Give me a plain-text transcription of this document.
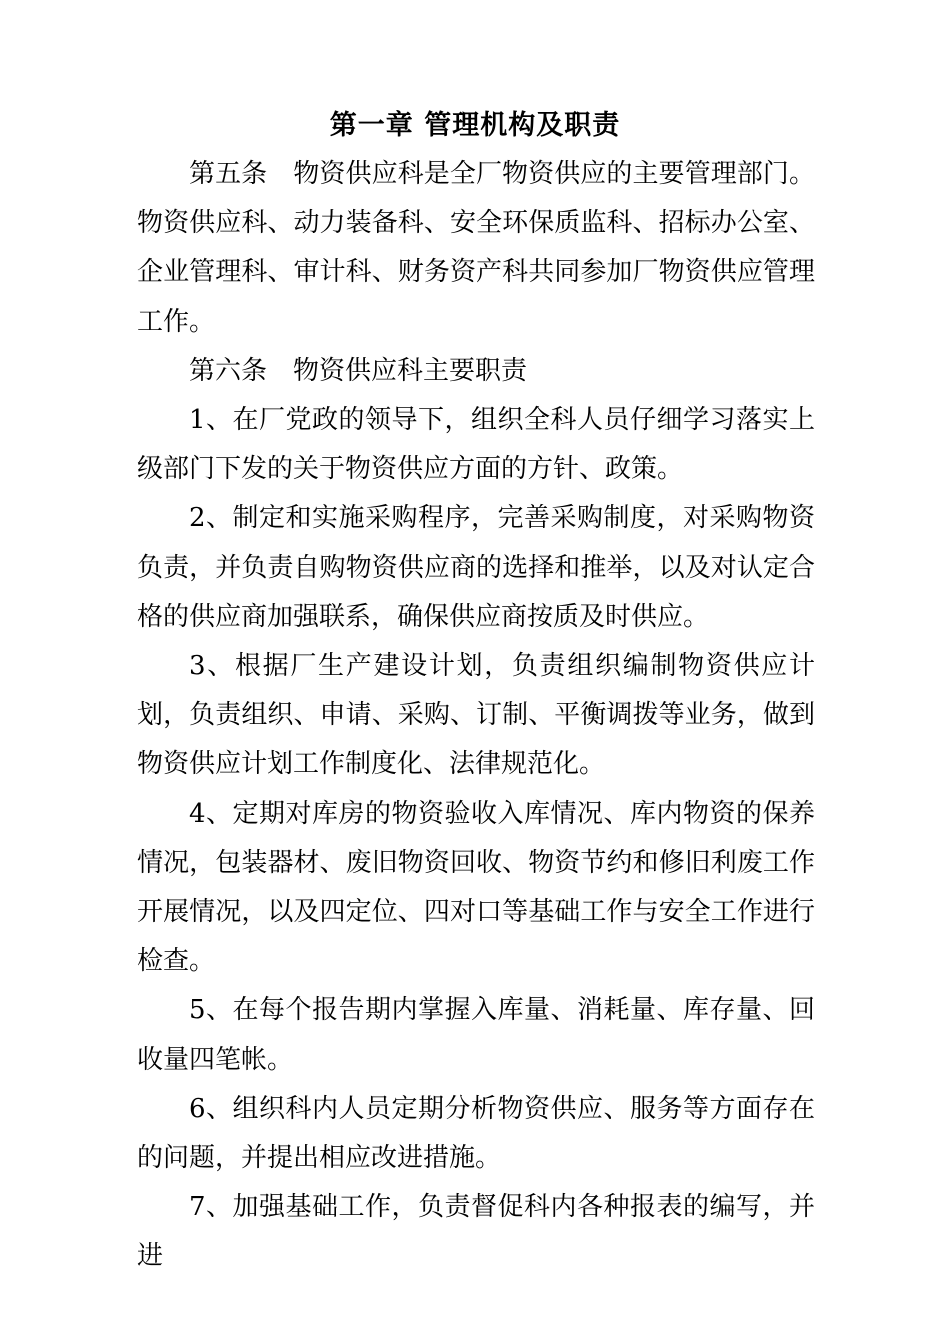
第一章 管理机构及职责

第五条　物资供应科是全厂物资供应的主要管理部门。物资供应科、动力装备科、安全环保质监科、招标办公室、企业管理科、审计科、财务资产科共同参加厂物资供应管理工作。

第六条　物资供应科主要职责

1、在厂党政的领导下，组织全科人员仔细学习落实上级部门下发的关于物资供应方面的方针、政策。

2、制定和实施采购程序，完善采购制度，对采购物资负责，并负责自购物资供应商的选择和推举，以及对认定合格的供应商加强联系，确保供应商按质及时供应。

3、根据厂生产建设计划，负责组织编制物资供应计划，负责组织、申请、采购、订制、平衡调拨等业务，做到物资供应计划工作制度化、法律规范化。

4、定期对库房的物资验收入库情况、库内物资的保养情况，包装器材、废旧物资回收、物资节约和修旧利废工作开展情况，以及四定位、四对口等基础工作与安全工作进行检查。

5、在每个报告期内掌握入库量、消耗量、库存量、回收量四笔帐。

6、组织科内人员定期分析物资供应、服务等方面存在的问题，并提出相应改进措施。

7、加强基础工作，负责督促科内各种报表的编写，并进
